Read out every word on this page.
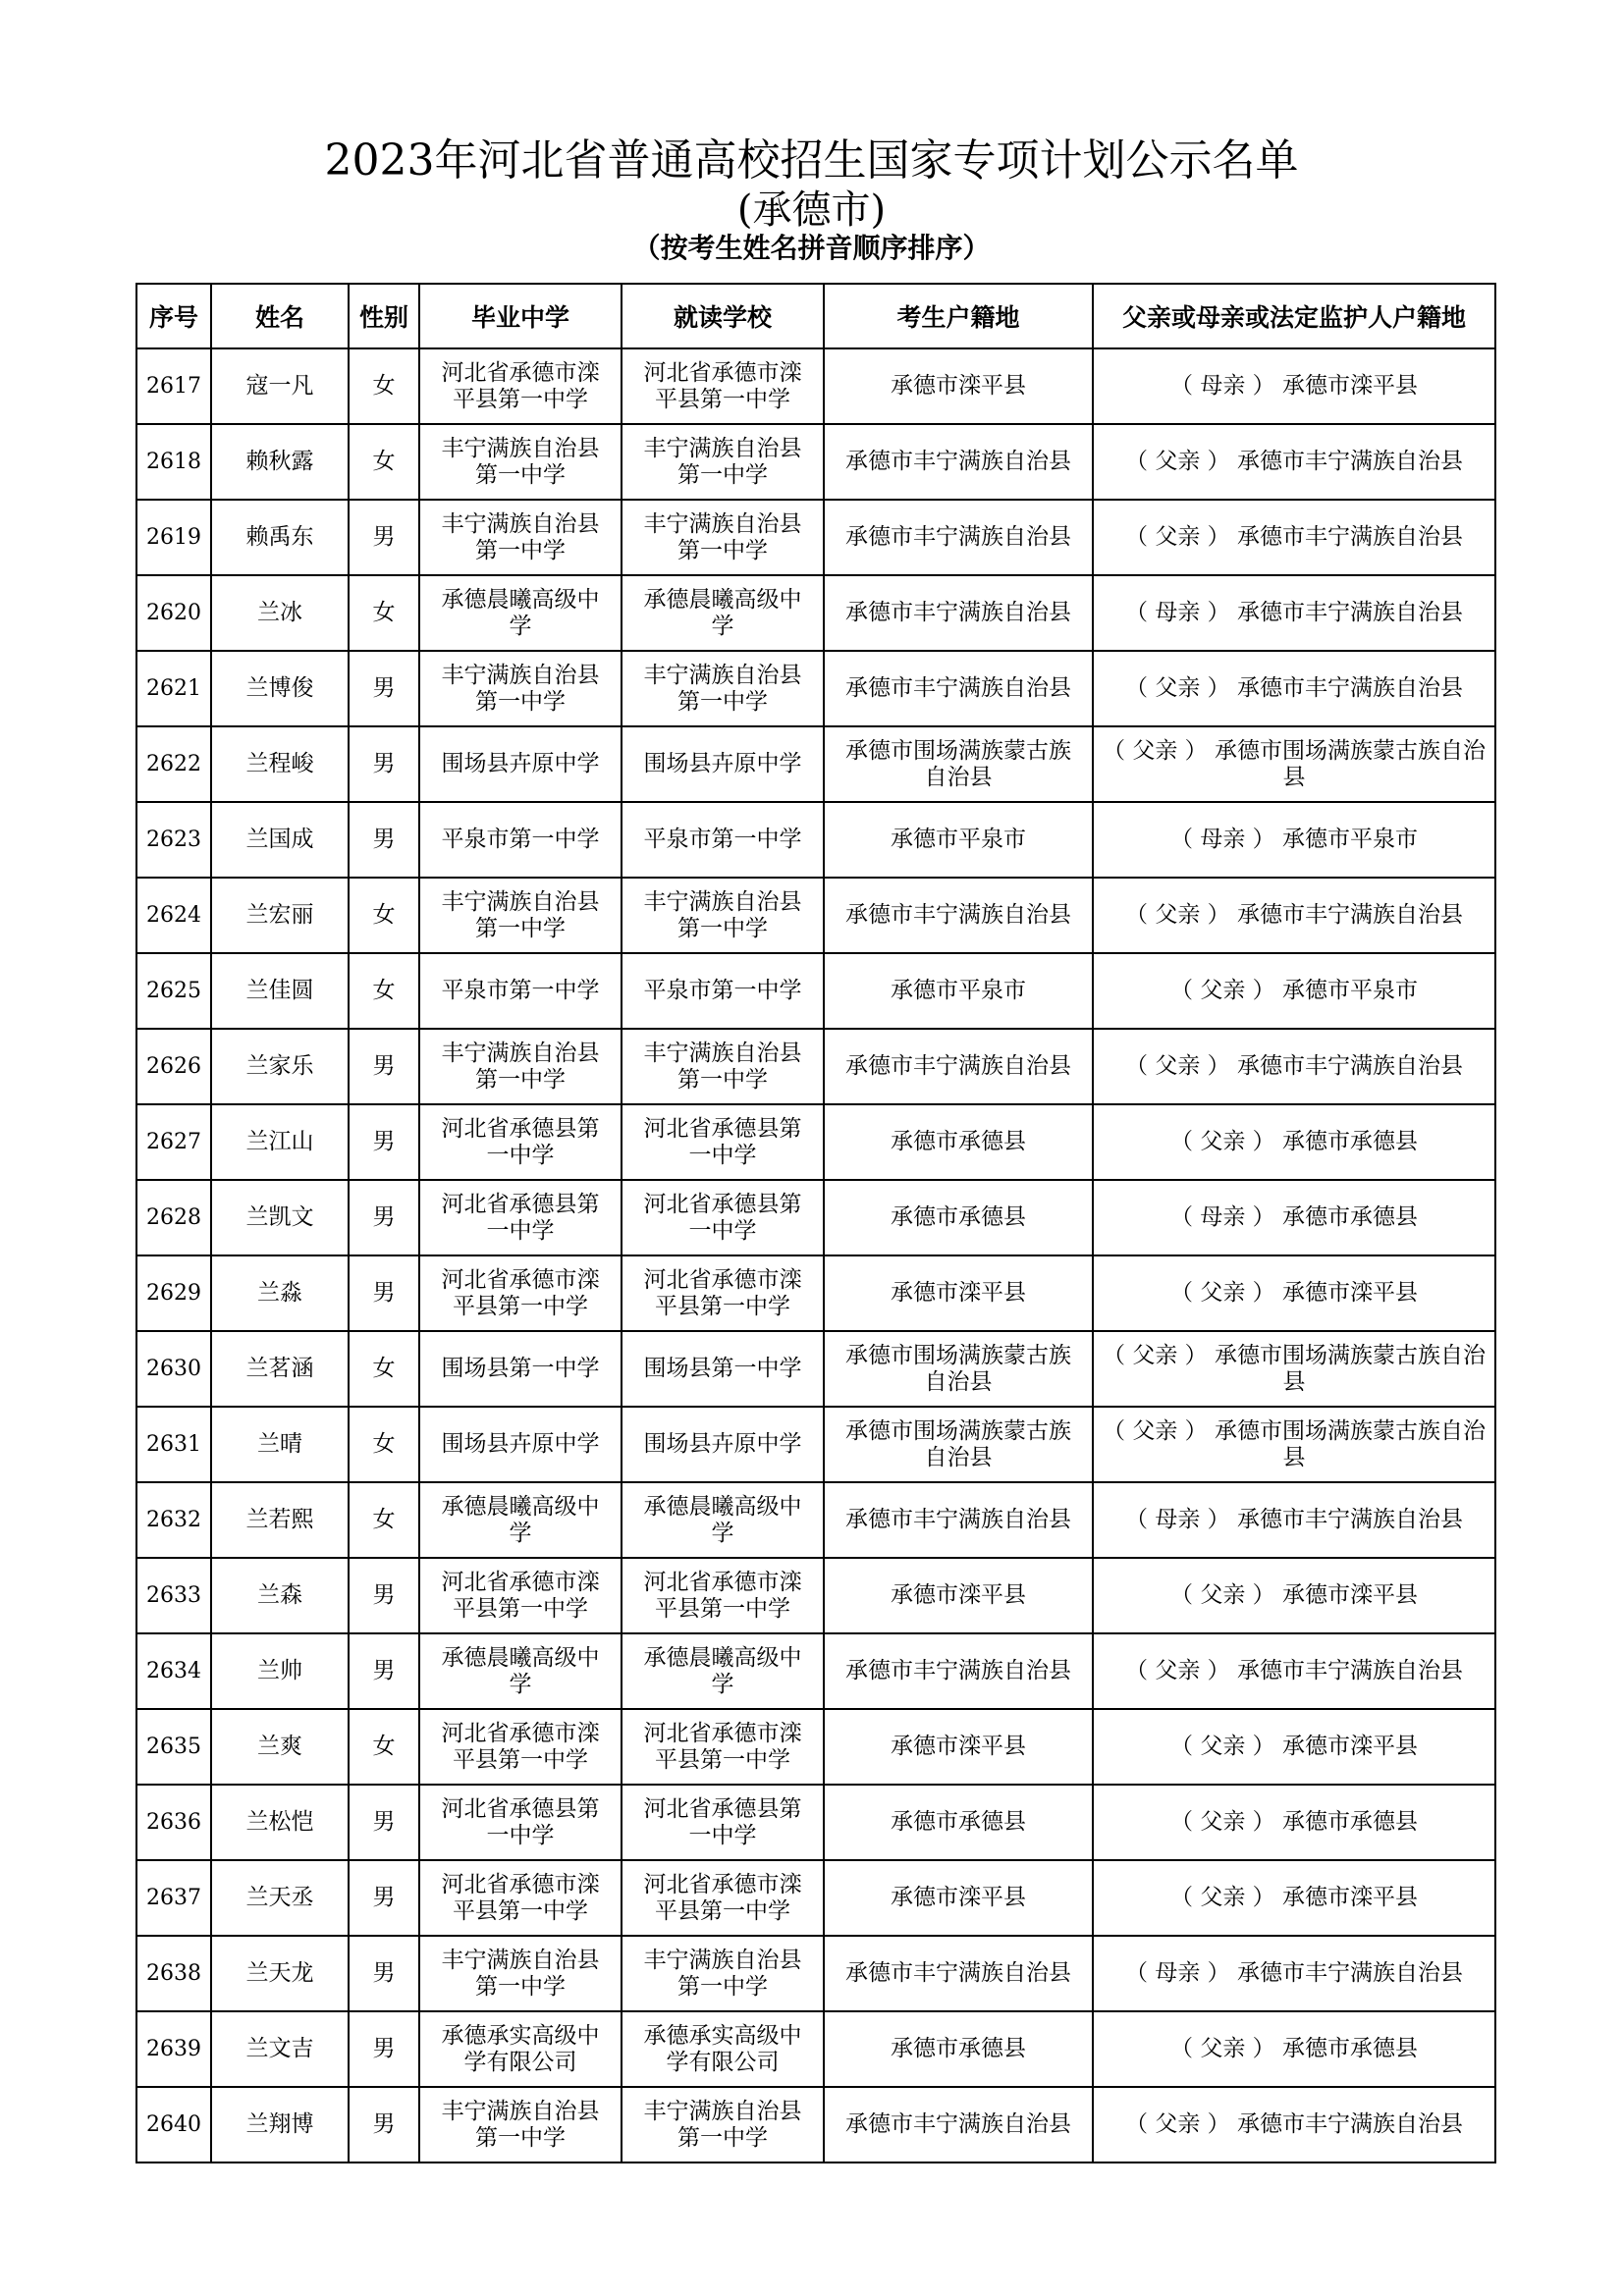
2023年河北省普通高校招生国家专项计划公示名单
(承德市)
（按考生姓名拼音顺序排序）
序号	姓名	性别	毕业中学	就读学校	考生户籍地	父亲或母亲或法定监护人户籍地
2617	寇一凡	女	河北省承德市滦平县第一中学	河北省承德市滦平县第一中学	承德市滦平县	（ 母亲 ） 承德市滦平县

2618	赖秋露	女	丰宁满族自治县第一中学	丰宁满族自治县第一中学	承德市丰宁满族自治县	（ 父亲 ） 承德市丰宁满族自治县

2619	赖禹东	男	丰宁满族自治县第一中学	丰宁满族自治县第一中学	承德市丰宁满族自治县	（ 父亲 ） 承德市丰宁满族自治县

2620	兰冰	女	承德晨曦高级中学	承德晨曦高级中学	承德市丰宁满族自治县	（ 母亲 ） 承德市丰宁满族自治县

2621	兰博俊	男	丰宁满族自治县第一中学	丰宁满族自治县第一中学	承德市丰宁满族自治县	（ 父亲 ） 承德市丰宁满族自治县

2622	兰程峻	男	围场县卉原中学	围场县卉原中学	承德市围场满族蒙古族自治县	（ 父亲 ） 承德市围场满族蒙古族自治县

2623	兰国成	男	平泉市第一中学	平泉市第一中学	承德市平泉市	（ 母亲 ） 承德市平泉市

2624	兰宏丽	女	丰宁满族自治县第一中学	丰宁满族自治县第一中学	承德市丰宁满族自治县	（ 父亲 ） 承德市丰宁满族自治县

2625	兰佳圆	女	平泉市第一中学	平泉市第一中学	承德市平泉市	（ 父亲 ） 承德市平泉市

2626	兰家乐	男	丰宁满族自治县第一中学	丰宁满族自治县第一中学	承德市丰宁满族自治县	（ 父亲 ） 承德市丰宁满族自治县

2627	兰江山	男	河北省承德县第一中学	河北省承德县第一中学	承德市承德县	（ 父亲 ） 承德市承德县

2628	兰凯文	男	河北省承德县第一中学	河北省承德县第一中学	承德市承德县	（ 母亲 ） 承德市承德县

2629	兰淼	男	河北省承德市滦平县第一中学	河北省承德市滦平县第一中学	承德市滦平县	（ 父亲 ） 承德市滦平县

2630	兰茗涵	女	围场县第一中学	围场县第一中学	承德市围场满族蒙古族自治县	（ 父亲 ） 承德市围场满族蒙古族自治县

2631	兰晴	女	围场县卉原中学	围场县卉原中学	承德市围场满族蒙古族自治县	（ 父亲 ） 承德市围场满族蒙古族自治县

2632	兰若熙	女	承德晨曦高级中学	承德晨曦高级中学	承德市丰宁满族自治县	（ 母亲 ） 承德市丰宁满族自治县

2633	兰森	男	河北省承德市滦平县第一中学	河北省承德市滦平县第一中学	承德市滦平县	（ 父亲 ） 承德市滦平县

2634	兰帅	男	承德晨曦高级中学	承德晨曦高级中学	承德市丰宁满族自治县	（ 父亲 ） 承德市丰宁满族自治县

2635	兰爽	女	河北省承德市滦平县第一中学	河北省承德市滦平县第一中学	承德市滦平县	（ 父亲 ） 承德市滦平县

2636	兰松恺	男	河北省承德县第一中学	河北省承德县第一中学	承德市承德县	（ 父亲 ） 承德市承德县

2637	兰天丞	男	河北省承德市滦平县第一中学	河北省承德市滦平县第一中学	承德市滦平县	（ 父亲 ） 承德市滦平县

2638	兰天龙	男	丰宁满族自治县第一中学	丰宁满族自治县第一中学	承德市丰宁满族自治县	（ 母亲 ） 承德市丰宁满族自治县

2639	兰文吉	男	承德承实高级中学有限公司	承德承实高级中学有限公司	承德市承德县	（ 父亲 ） 承德市承德县

2640	兰翔博	男	丰宁满族自治县第一中学	丰宁满族自治县第一中学	承德市丰宁满族自治县	（ 父亲 ） 承德市丰宁满族自治县
